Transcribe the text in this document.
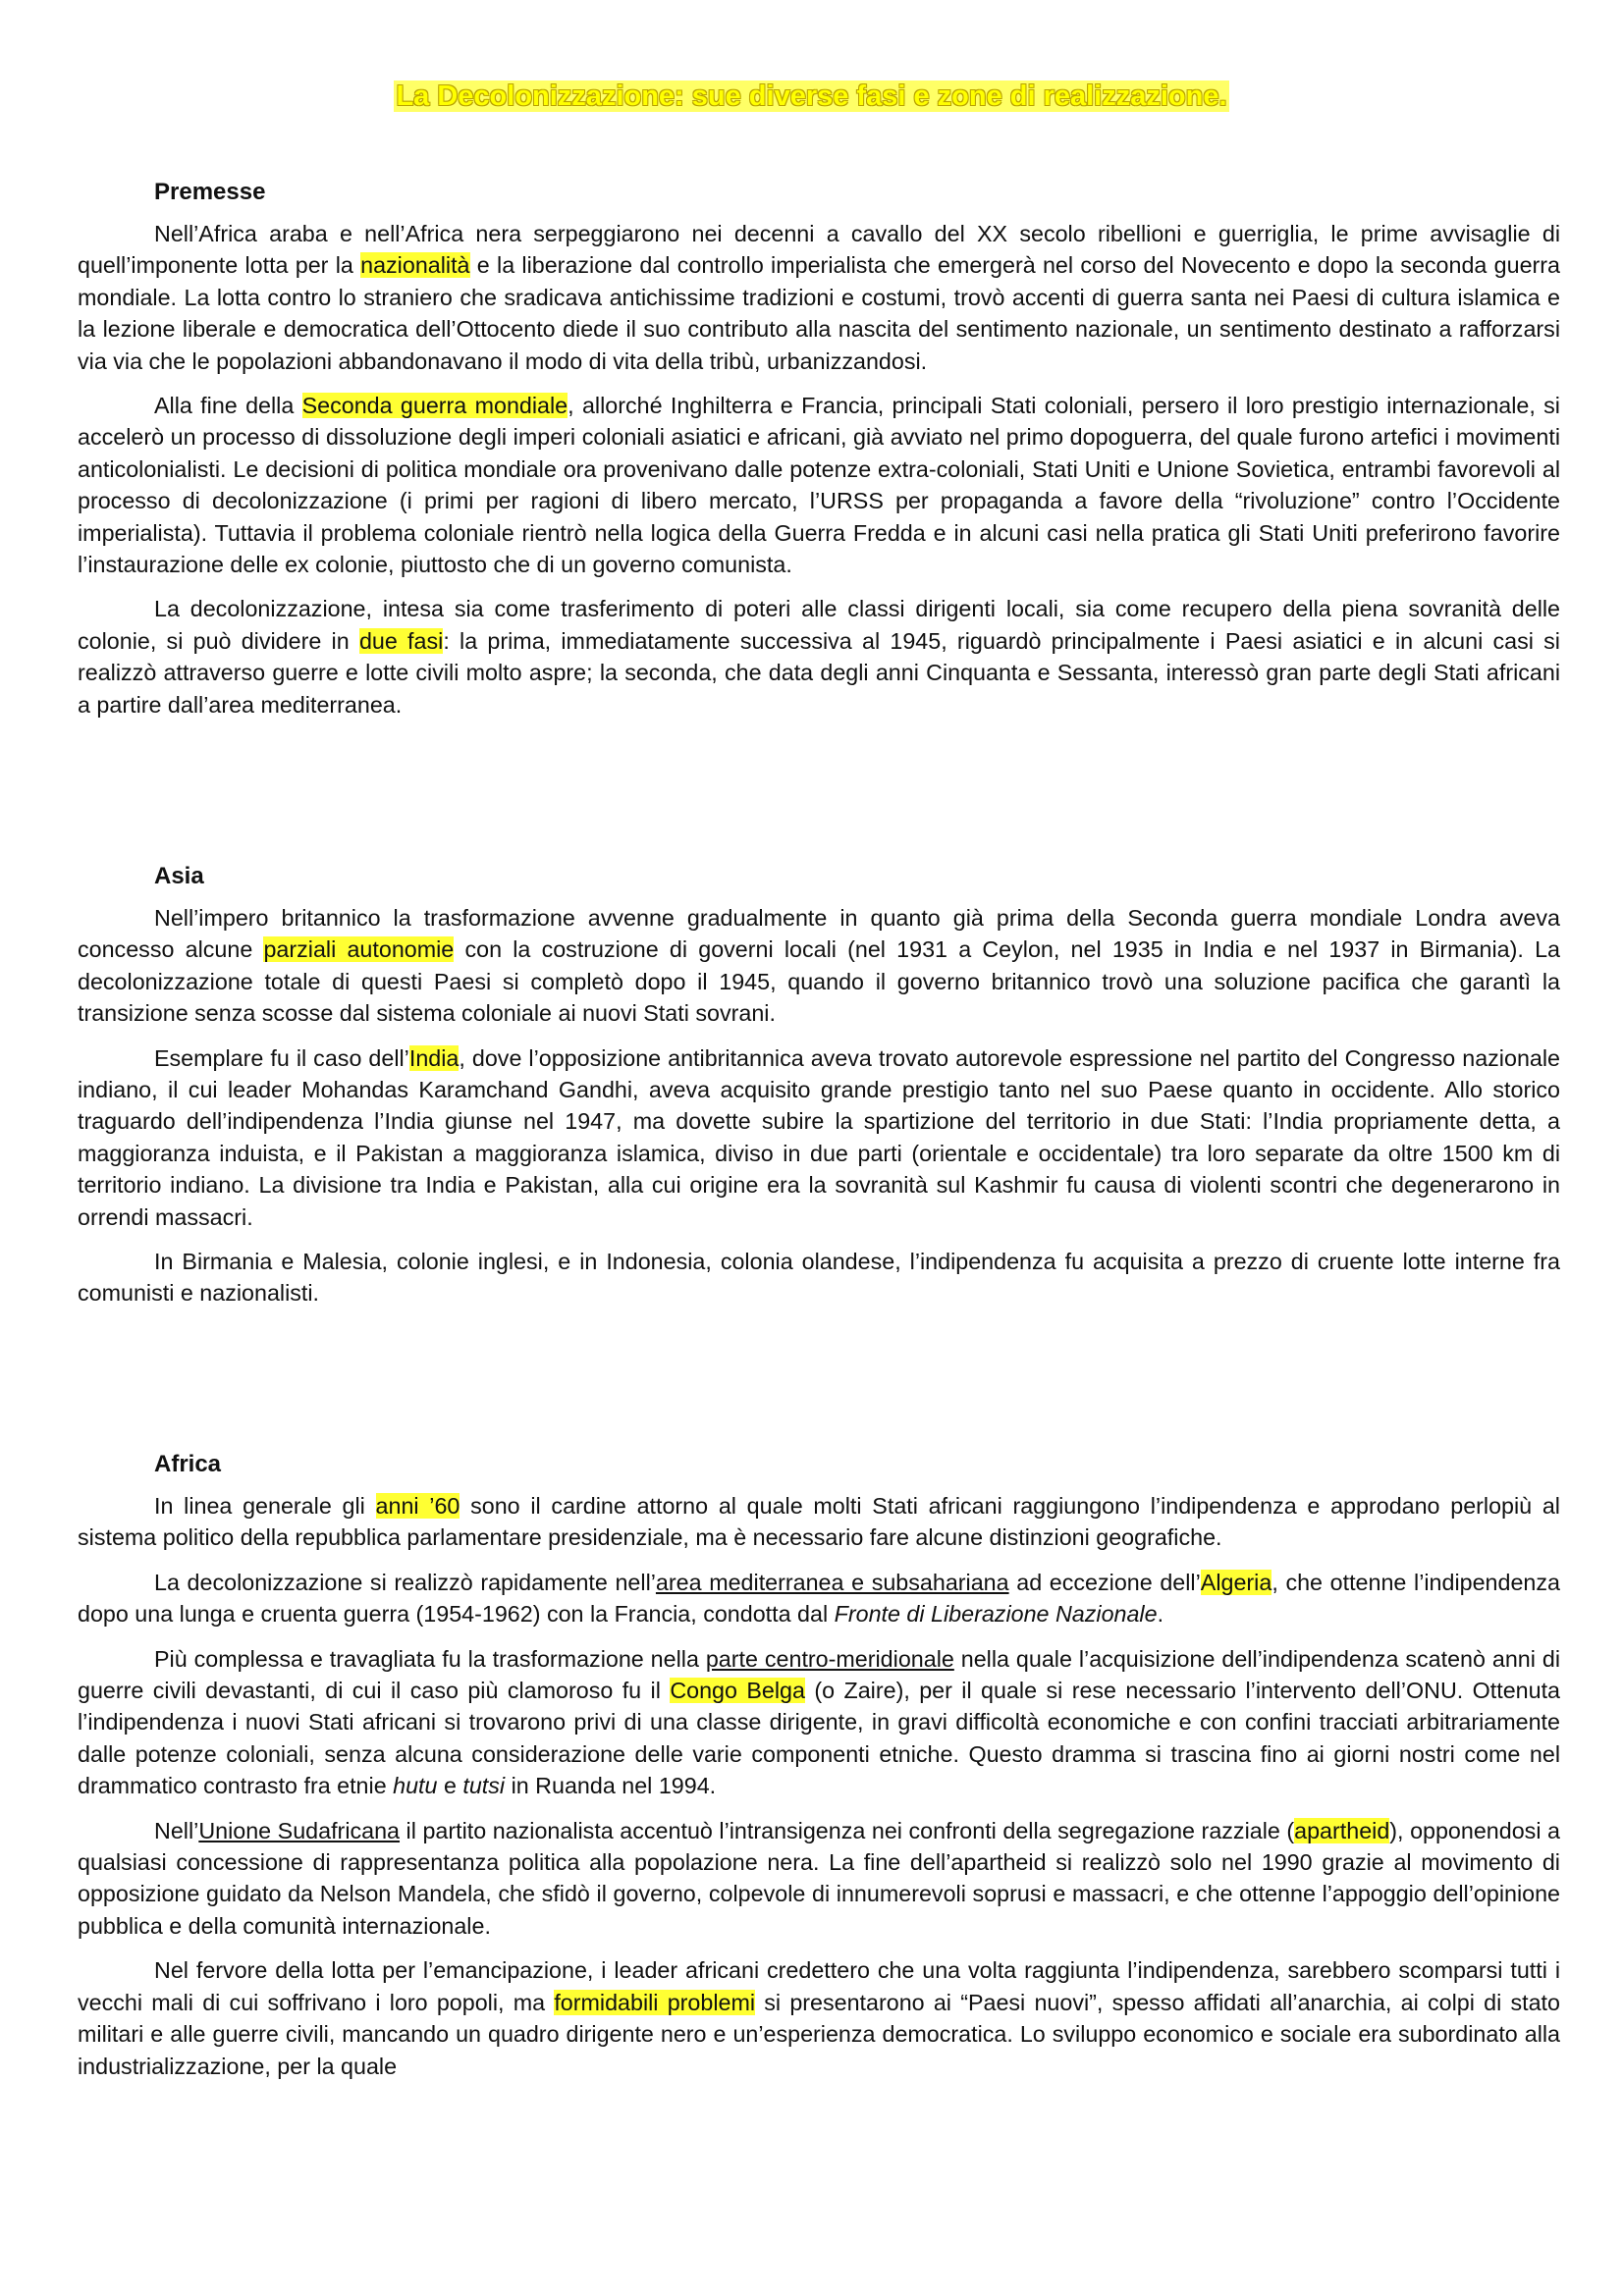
La Decolonizzazione: sue diverse fasi e zone di realizzazione.
Premesse

Nell’Africa araba e nell’Africa nera serpeggiarono nei decenni a cavallo del XX secolo ribellioni e guerriglia, le prime avvisaglie di quell’imponente lotta per la nazionalità e la liberazione dal controllo imperialista che emergerà nel corso del Novecento e dopo la seconda guerra mondiale. La lotta contro lo straniero che sradicava antichissime tradizioni e costumi, trovò accenti di guerra santa nei Paesi di cultura islamica e la lezione liberale e democratica dell’Ottocento diede il suo contributo alla nascita del sentimento nazionale, un sentimento destinato a rafforzarsi via via che le popolazioni abbandonavano il modo di vita della tribù, urbanizzandosi.

Alla fine della Seconda guerra mondiale, allorché Inghilterra e Francia, principali Stati coloniali, persero il loro prestigio internazionale, si accelerò un processo di dissoluzione degli imperi coloniali asiatici e africani, già avviato nel primo dopoguerra, del quale furono artefici i movimenti anticolonialisti. Le decisioni di politica mondiale ora provenivano dalle potenze extra-coloniali, Stati Uniti e Unione Sovietica, entrambi favorevoli al processo di decolonizzazione (i primi per ragioni di libero mercato, l’URSS per propaganda a favore della “rivoluzione” contro l’Occidente imperialista). Tuttavia il problema coloniale rientrò nella logica della Guerra Fredda e in alcuni casi nella pratica gli Stati Uniti preferirono favorire l’instaurazione delle ex colonie, piuttosto che di un governo comunista.

La decolonizzazione, intesa sia come trasferimento di poteri alle classi dirigenti locali, sia come recupero della piena sovranità delle colonie, si può dividere in due fasi: la prima, immediatamente successiva al 1945, riguardò principalmente i Paesi asiatici e in alcuni casi si realizzò attraverso guerre e lotte civili molto aspre; la seconda, che data degli anni Cinquanta e Sessanta, interessò gran parte degli Stati africani a partire dall’area mediterranea.

Asia

Nell’impero britannico la trasformazione avvenne gradualmente in quanto già prima della Seconda guerra mondiale Londra aveva concesso alcune parziali autonomie con la costruzione di governi locali (nel 1931 a Ceylon, nel 1935 in India e nel 1937 in Birmania). La decolonizzazione totale di questi Paesi si completò dopo il 1945, quando il governo britannico trovò una soluzione pacifica che garantì la transizione senza scosse dal sistema coloniale ai nuovi Stati sovrani.

Esemplare fu il caso dell’India, dove l’opposizione antibritannica aveva trovato autorevole espressione nel partito del Congresso nazionale indiano, il cui leader Mohandas Karamchand Gandhi, aveva acquisito grande prestigio tanto nel suo Paese quanto in occidente. Allo storico traguardo dell’indipendenza l’India giunse nel 1947, ma dovette subire la spartizione del territorio in due Stati: l’India propriamente detta, a maggioranza induista, e il Pakistan a maggioranza islamica, diviso in due parti (orientale e occidentale) tra loro separate da oltre 1500 km di territorio indiano. La divisione tra India e Pakistan, alla cui origine era la sovranità sul Kashmir fu causa di violenti scontri che degenerarono in orrendi massacri.

In Birmania e Malesia, colonie inglesi, e in Indonesia, colonia olandese, l’indipendenza fu acquisita a prezzo di cruente lotte interne fra comunisti e nazionalisti.

Africa

In linea generale gli anni ’60 sono il cardine attorno al quale molti Stati africani raggiungono l’indipendenza e approdano perlopiù al sistema politico della repubblica parlamentare presidenziale, ma è necessario fare alcune distinzioni geografiche.

La decolonizzazione si realizzò rapidamente nell’area mediterranea e subsahariana ad eccezione dell’Algeria, che ottenne l’indipendenza dopo una lunga e cruenta guerra (1954-1962) con la Francia, condotta dal Fronte di Liberazione Nazionale.

Più complessa e travagliata fu la trasformazione nella parte centro-meridionale nella quale l’acquisizione dell’indipendenza scatenò anni di guerre civili devastanti, di cui il caso più clamoroso fu il Congo Belga (o Zaire), per il quale si rese necessario l’intervento dell’ONU. Ottenuta l’indipendenza i nuovi Stati africani si trovarono privi di una classe dirigente, in gravi difficoltà economiche e con confini tracciati arbitrariamente dalle potenze coloniali, senza alcuna considerazione delle varie componenti etniche. Questo dramma si trascina fino ai giorni nostri come nel drammatico contrasto fra etnie hutu e tutsi in Ruanda nel 1994.

Nell’Unione Sudafricana il partito nazionalista accentuò l’intransigenza nei confronti della segregazione razziale (apartheid), opponendosi a qualsiasi concessione di rappresentanza politica alla popolazione nera. La fine dell’apartheid si realizzò solo nel 1990 grazie al movimento di opposizione guidato da Nelson Mandela, che sfidò il governo, colpevole di innumerevoli soprusi e massacri, e che ottenne l’appoggio dell’opinione pubblica e della comunità internazionale.

Nel fervore della lotta per l’emancipazione, i leader africani credettero che una volta raggiunta l’indipendenza, sarebbero scomparsi tutti i vecchi mali di cui soffrivano i loro popoli, ma formidabili problemi si presentarono ai “Paesi nuovi”, spesso affidati all’anarchia, ai colpi di stato militari e alle guerre civili, mancando un quadro dirigente nero e un’esperienza democratica. Lo sviluppo economico e sociale era subordinato alla industrializzazione, per la quale
